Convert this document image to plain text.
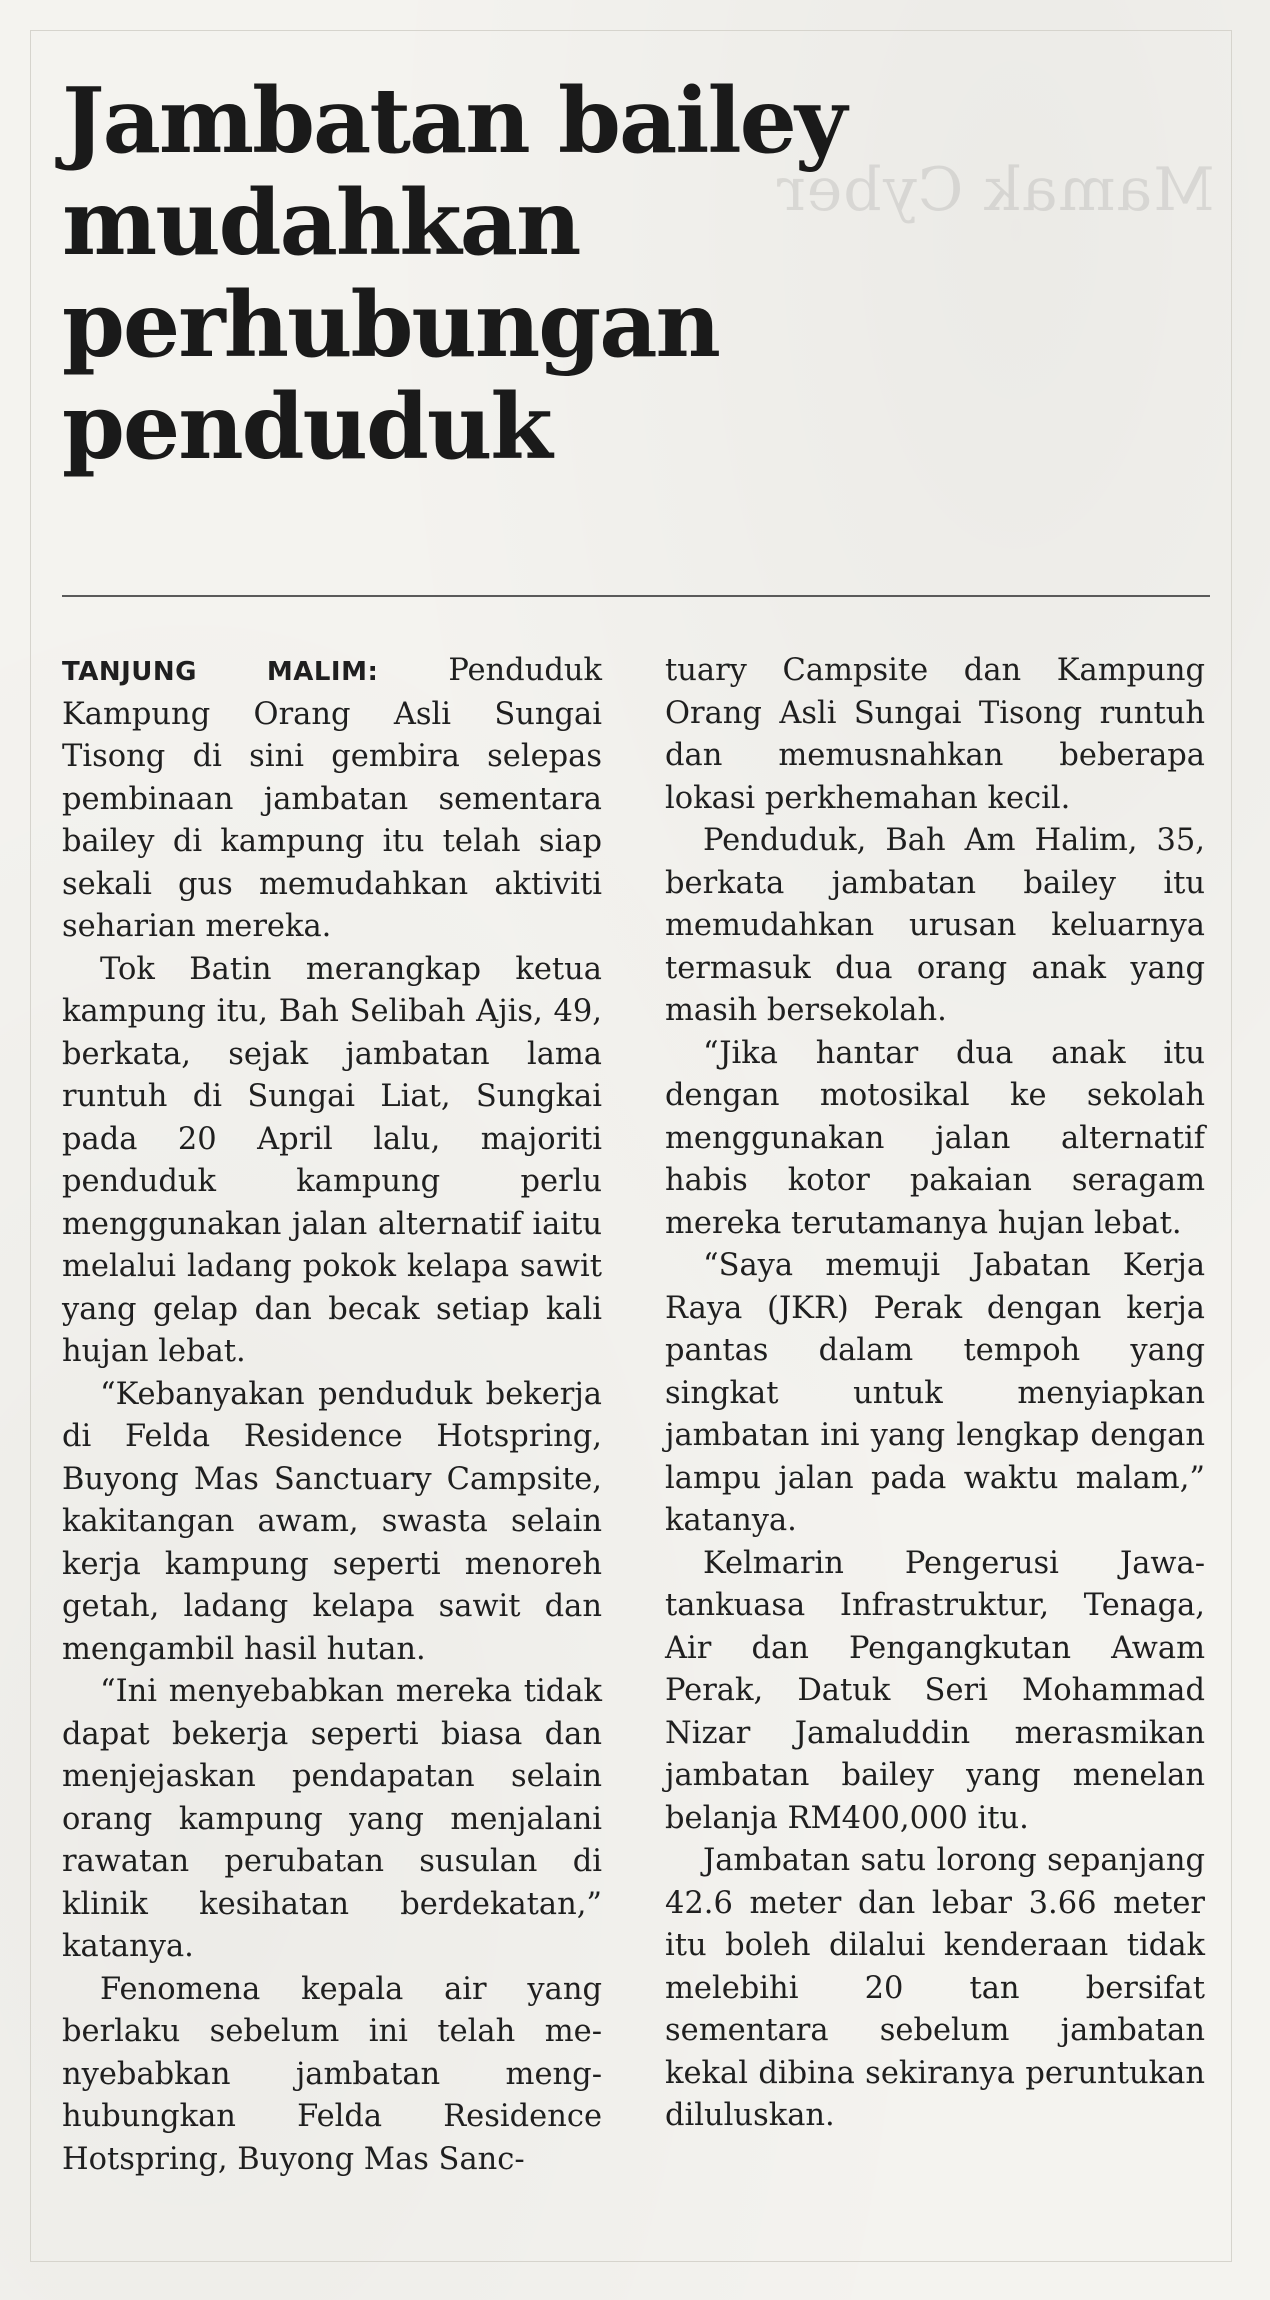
Mamak Cyber
Jambatan bailey
mudahkan
perhubungan
penduduk

TANJUNG MALIM: Penduduk Kampung Orang Asli Sungai Tisong di sini gembira selepas pembinaan jambatan sementara bailey di kampung itu telah siap sekali gus memudahkan aktiviti seharian mereka.

Tok Batin merangkap ketua kampung itu, Bah Selibah Ajis, 49, berkata, sejak jambatan lama runtuh di Sungai Liat, Sungkai pada 20 April lalu, majoriti penduduk kampung perlu menggunakan jalan alternatif iaitu melalui ladang pokok kelapa sawit yang gelap dan becak setiap kali hujan lebat.

“Kebanyakan penduduk bekerja di Felda Residence Hotspring, Buyong Mas Sanctuary Campsite, kakitangan awam, swasta selain kerja kampung seperti menoreh getah, ladang kelapa sawit dan mengambil hasil hutan.

“Ini menyebabkan mereka tidak dapat bekerja seperti biasa dan menjejaskan pendapatan selain orang kampung yang menjalani rawatan perubatan susulan di klinik kesihatan berdekatan,” katanya.

Fenomena kepala air yang berlaku sebelum ini telah menyebabkan jambatan menghubungkan Felda Residence Hotspring, Buyong Mas Sanc-

tuary Campsite dan Kampung Orang Asli Sungai Tisong runtuh dan memusnahkan beberapa lokasi perkhemahan kecil.

Penduduk, Bah Am Halim, 35, berkata jambatan bailey itu memudahkan urusan keluarnya termasuk dua orang anak yang masih bersekolah.

“Jika hantar dua anak itu dengan motosikal ke sekolah menggunakan jalan alternatif habis kotor pakaian seragam mereka terutamanya hujan lebat.

“Saya memuji Jabatan Kerja Raya (JKR) Perak dengan kerja pantas dalam tempoh yang singkat untuk menyiapkan jambatan ini yang lengkap dengan lampu jalan pada waktu malam,” katanya.

Kelmarin Pengerusi Jawatankuasa Infrastruktur, Tenaga, Air dan Pengangkutan Awam Perak, Datuk Seri Mohammad Nizar Jamaluddin merasmikan jambatan bailey yang menelan belanja RM400,000 itu.

Jambatan satu lorong sepanjang 42.6 meter dan lebar 3.66 meter itu boleh dilalui kenderaan tidak melebihi 20 tan bersifat sementara sebelum jambatan kekal dibina sekiranya peruntukan diluluskan.
